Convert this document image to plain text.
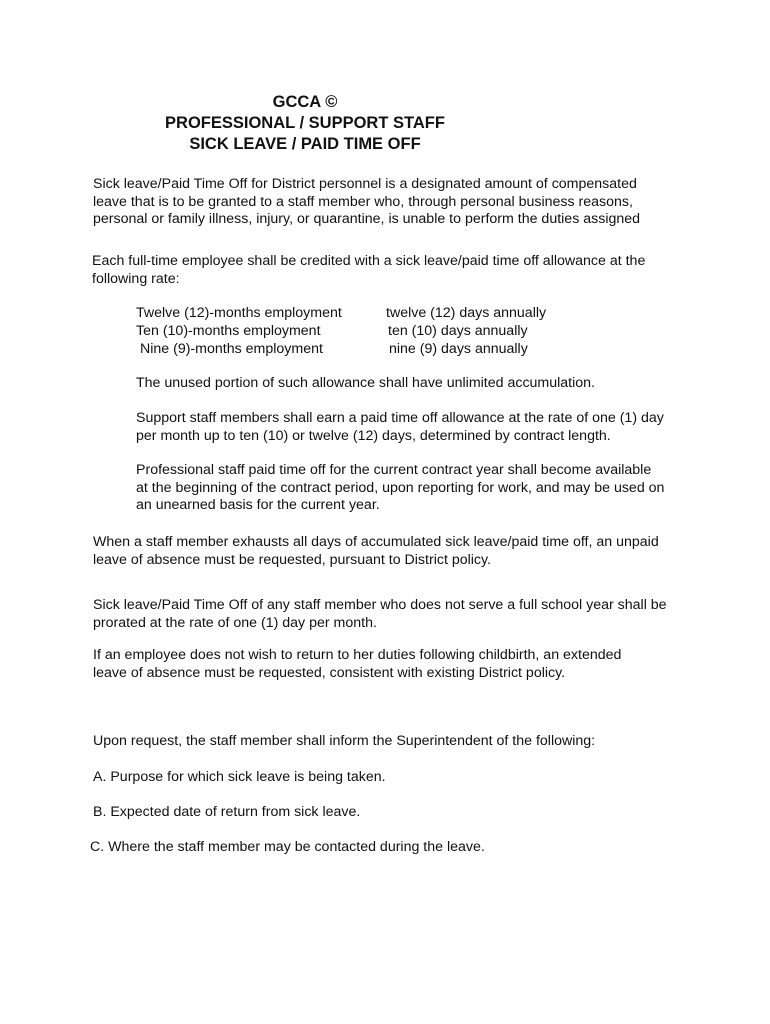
GCCA ©
PROFESSIONAL / SUPPORT STAFF
SICK LEAVE / PAID TIME OFF

Sick leave/Paid Time Off for District personnel is a designated amount of compensated leave that is to be granted to a staff member who, through personal business reasons, personal or family illness, injury, or quarantine, is unable to perform the duties assigned

Each full-time employee shall be credited with a sick leave/paid time off allowance at the following rate:

Twelve (12)-months employment	twelve (12) days annually
Ten (10)-months employment	ten (10) days annually
Nine (9)-months employment	nine (9) days annually

The unused portion of such allowance shall have unlimited accumulation.

Support staff members shall earn a paid time off allowance at the rate of one (1) day per month up to ten (10) or twelve (12) days, determined by contract length.

Professional staff paid time off for the current contract year shall become available at the beginning of the contract period, upon reporting for work, and may be used on an unearned basis for the current year.

When a staff member exhausts all days of accumulated sick leave/paid time off, an unpaid leave of absence must be requested, pursuant to District policy.

Sick leave/Paid Time Off of any staff member who does not serve a full school year shall be prorated at the rate of one (1) day per month.

If an employee does not wish to return to her duties following childbirth, an extended leave of absence must be requested, consistent with existing District policy.

Upon request, the staff member shall inform the Superintendent of the following:

A. Purpose for which sick leave is being taken.
B. Expected date of return from sick leave.
C. Where the staff member may be contacted during the leave.
